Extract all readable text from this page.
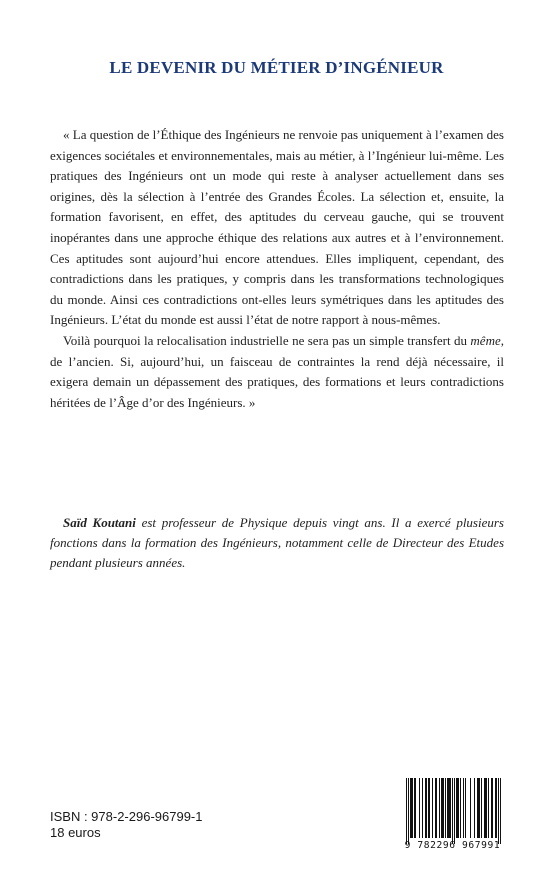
LE DEVENIR DU MÉTIER D’INGÉNIEUR

« La question de l’Éthique des Ingénieurs ne renvoie pas uniquement à l’examen des exigences sociétales et environnementales, mais au métier, à l’Ingénieur lui-même. Les pratiques des Ingénieurs ont un mode qui reste à analyser actuellement dans ses origines, dès la sélection à l’entrée des Grandes Écoles. La sélection et, ensuite, la formation favorisent, en effet, des aptitudes du cerveau gauche, qui se trouvent inopérantes dans une approche éthique des relations aux autres et à l’environnement. Ces aptitudes sont aujourd’hui encore attendues. Elles impliquent, cependant, des contradictions dans les pratiques, y compris dans les transformations technologiques du monde. Ainsi ces contradictions ont-elles leurs symétriques dans les aptitudes des Ingénieurs. L’état du monde est aussi l’état de notre rapport à nous-mêmes.

Voilà pourquoi la relocalisation industrielle ne sera pas un simple transfert du même, de l’ancien. Si, aujourd’hui, un faisceau de contraintes la rend déjà nécessaire, il exigera demain un dépassement des pratiques, des formations et leurs contradictions héritées de l’Âge d’or des Ingénieurs. »

Saïd Koutani est professeur de Physique depuis vingt ans. Il a exercé plusieurs fonctions dans la formation des Ingénieurs, notamment celle de Directeur des Etudes pendant plusieurs années.
ISBN : 978-2-296-96799-1
18 euros
9 782296 967991
